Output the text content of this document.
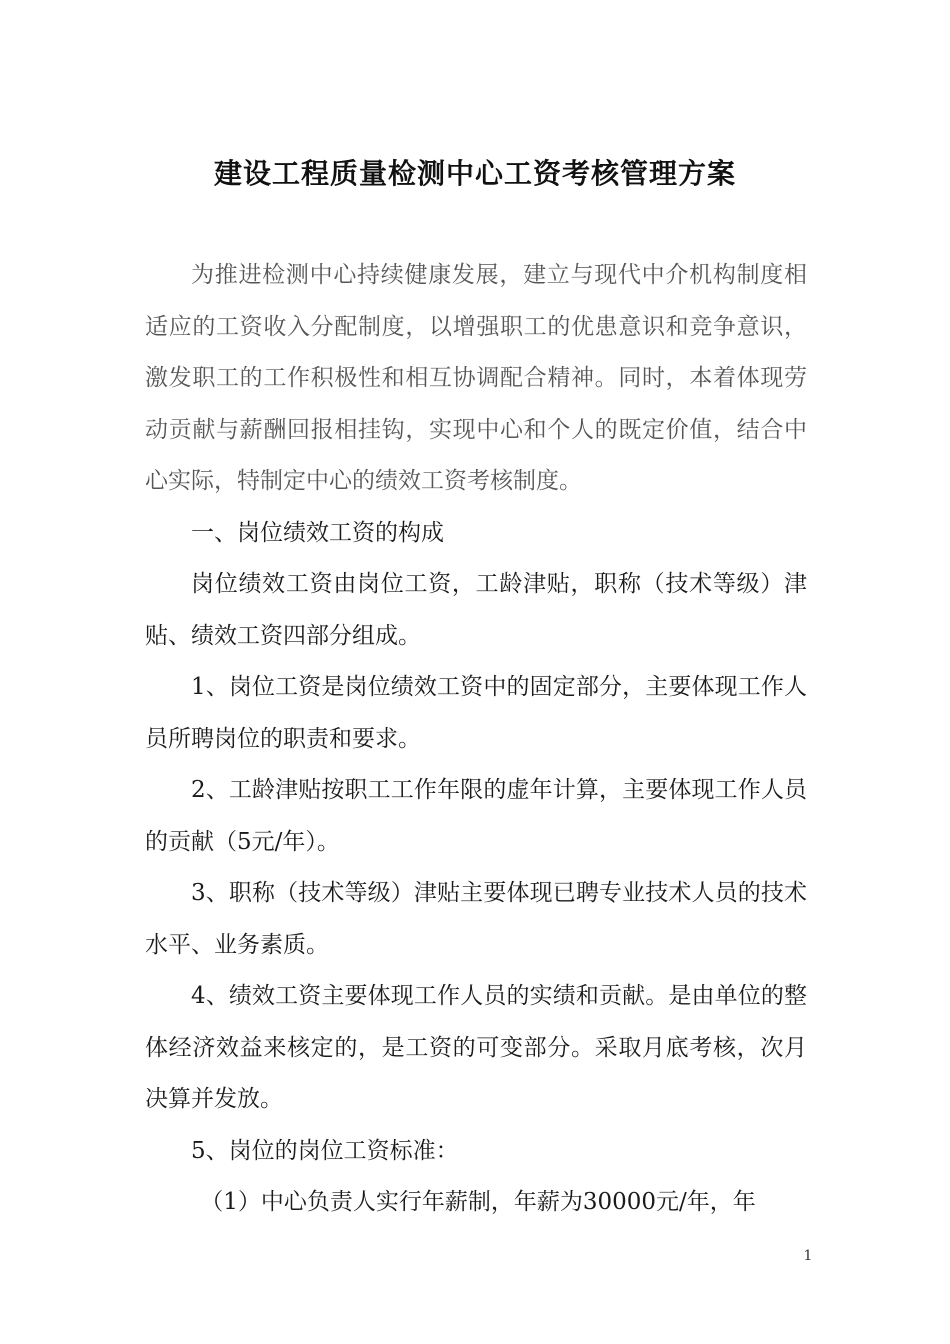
建设工程质量检测中心工资考核管理方案

为推进检测中心持续健康发展，建立与现代中介机构制度相适应的工资收入分配制度，以增强职工的优患意识和竞争意识，激发职工的工作积极性和相互协调配合精神。同时，本着体现劳动贡献与薪酬回报相挂钩，实现中心和个人的既定价值，结合中心实际，特制定中心的绩效工资考核制度。

一、岗位绩效工资的构成

岗位绩效工资由岗位工资，工龄津贴，职称（技术等级）津贴、绩效工资四部分组成。

1、岗位工资是岗位绩效工资中的固定部分，主要体现工作人员所聘岗位的职责和要求。

2、工龄津贴按职工工作年限的虚年计算，主要体现工作人员的贡献（5元/年）。

3、职称（技术等级）津贴主要体现已聘专业技术人员的技术水平、业务素质。

4、绩效工资主要体现工作人员的实绩和贡献。是由单位的整体经济效益来核定的，是工资的可变部分。采取月底考核，次月决算并发放。

5、岗位的岗位工资标准：

（1）中心负责人实行年薪制，年薪为30000元/年，年

1
